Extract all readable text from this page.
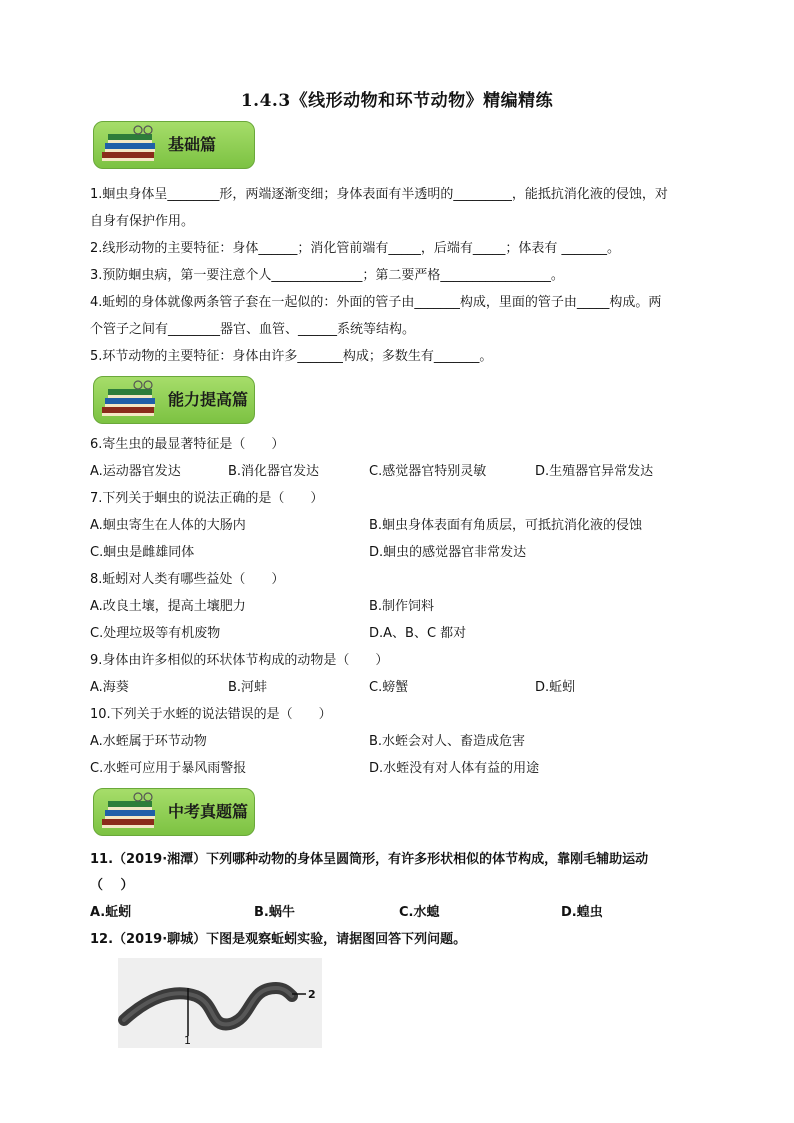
1.4.3《线形动物和环节动物》精编精练
基础篇
1.蛔虫身体呈________形，两端逐渐变细；身体表面有半透明的_________，能抵抗消化液的侵蚀，对
自身有保护作用。
2.线形动物的主要特征：身体______；消化管前端有_____，后端有_____；体表有 _______。
3.预防蛔虫病，第一要注意个人______________；第二要严格_________________。
4.蚯蚓的身体就像两条管子套在一起似的：外面的管子由_______构成，里面的管子由_____构成。两
个管子之间有________器官、血管、______系统等结构。
5.环节动物的主要特征：身体由许多_______构成；多数生有_______。
能力提高篇
6.寄生虫的最显著特征是（　　）
A.运动器官发达	B.消化器官发达	C.感觉器官特别灵敏	D.生殖器官异常发达
7.下列关于蛔虫的说法正确的是（　　）
A.蛔虫寄生在人体的大肠内	B.蛔虫身体表面有角质层，可抵抗消化液的侵蚀
C.蛔虫是雌雄同体	D.蛔虫的感觉器官非常发达
8.蚯蚓对人类有哪些益处（　　）
A.改良土壤，提高土壤肥力	B.制作饲料
C.处理垃圾等有机废物	D.A、B、C 都对
9.身体由许多相似的环状体节构成的动物是（　　）
A.海葵	B.河蚌	C.螃蟹	D.蚯蚓
10.下列关于水蛭的说法错误的是（　　）
A.水蛭属于环节动物	B.水蛭会对人、畜造成危害
C.水蛭可应用于暴风雨警报	D.水蛭没有对人体有益的用途
中考真题篇
11.（2019·湘潭）下列哪种动物的身体呈圆筒形，有许多形状相似的体节构成，靠刚毛辅助运动
（　 ）
A.蚯蚓	B.蜗牛	C.水螅	D.蝗虫
12.（2019·聊城）下图是观察蚯蚓实验，请据图回答下列问题。
1
2
